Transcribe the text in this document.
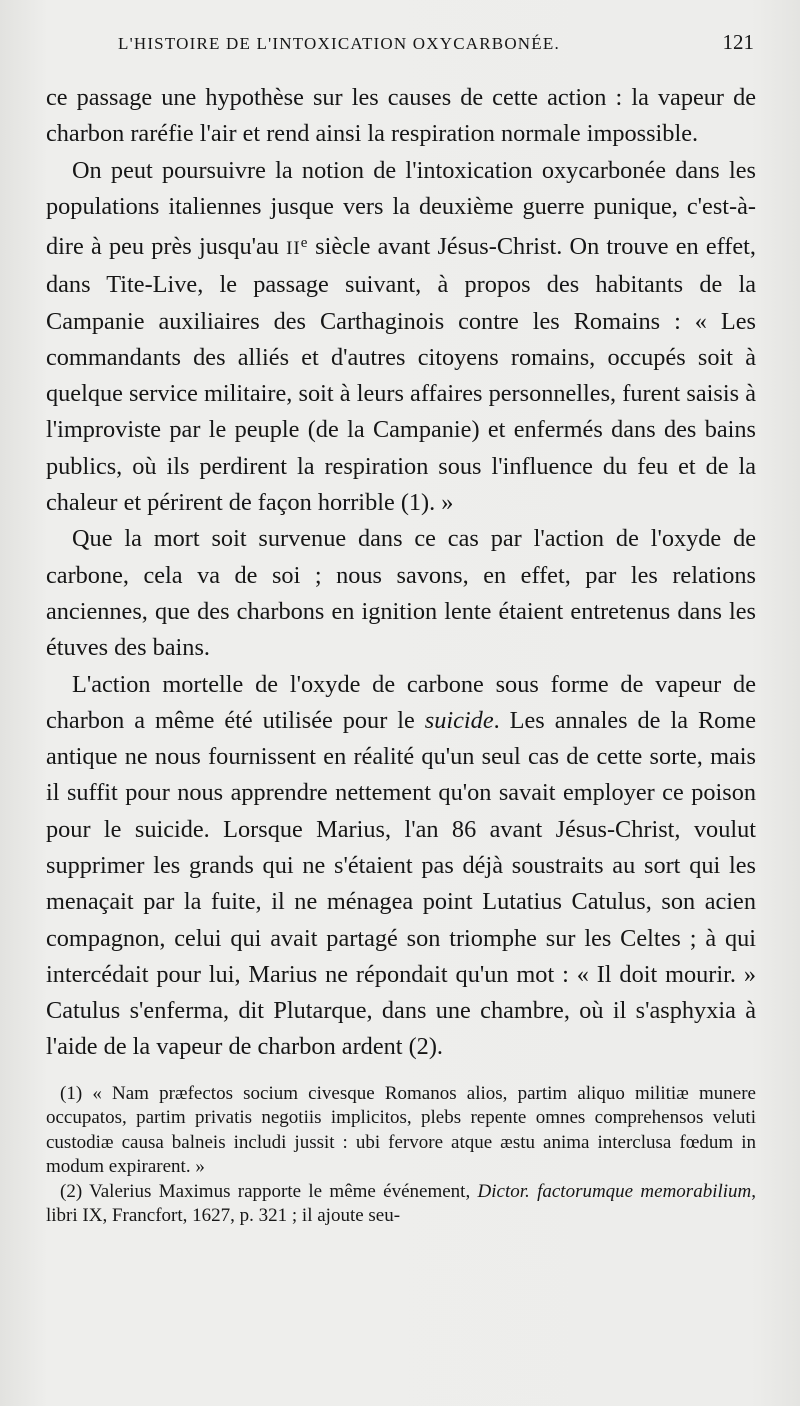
L'HISTOIRE DE L'INTOXICATION OXYCARBONÉE.	121

ce passage une hypothèse sur les causes de cette action : la vapeur de charbon raréfie l'air et rend ainsi la respiration normale impossible.

On peut poursuivre la notion de l'intoxication oxycarbonée dans les populations italiennes jusque vers la deuxième guerre punique, c'est-à-dire à peu près jusqu'au IIe siècle avant Jésus-Christ. On trouve en effet, dans Tite-Live, le passage suivant, à propos des habitants de la Campanie auxiliaires des Carthaginois contre les Romains : « Les commandants des alliés et d'autres citoyens romains, occupés soit à quelque service militaire, soit à leurs affaires personnelles, furent saisis à l'improviste par le peuple (de la Campanie) et enfermés dans des bains publics, où ils perdirent la respiration sous l'influence du feu et de la chaleur et périrent de façon horrible (1). »

Que la mort soit survenue dans ce cas par l'action de l'oxyde de carbone, cela va de soi ; nous savons, en effet, par les relations anciennes, que des charbons en ignition lente étaient entretenus dans les étuves des bains.

L'action mortelle de l'oxyde de carbone sous forme de vapeur de charbon a même été utilisée pour le suicide. Les annales de la Rome antique ne nous fournissent en réalité qu'un seul cas de cette sorte, mais il suffit pour nous apprendre nettement qu'on savait employer ce poison pour le suicide. Lorsque Marius, l'an 86 avant Jésus-Christ, voulut supprimer les grands qui ne s'étaient pas déjà soustraits au sort qui les menaçait par la fuite, il ne ménagea point Lutatius Catulus, son acien compagnon, celui qui avait partagé son triomphe sur les Celtes ; à qui intercédait pour lui, Marius ne répondait qu'un mot : « Il doit mourir. » Catulus s'enferma, dit Plutarque, dans une chambre, où il s'asphyxia à l'aide de la vapeur de charbon ardent (2).

(1) « Nam præfectos socium civesque Romanos alios, partim aliquo militiæ munere occupatos, partim privatis negotiis implicitos, plebs repente omnes comprehensos veluti custodiæ causa balneis includi jussit : ubi fervore atque æstu anima interclusa fœdum in modum expirarent. »

(2) Valerius Maximus rapporte le même événement, Dictor. factorumque memorabilium, libri IX, Francfort, 1627, p. 321 ; il ajoute seu-
